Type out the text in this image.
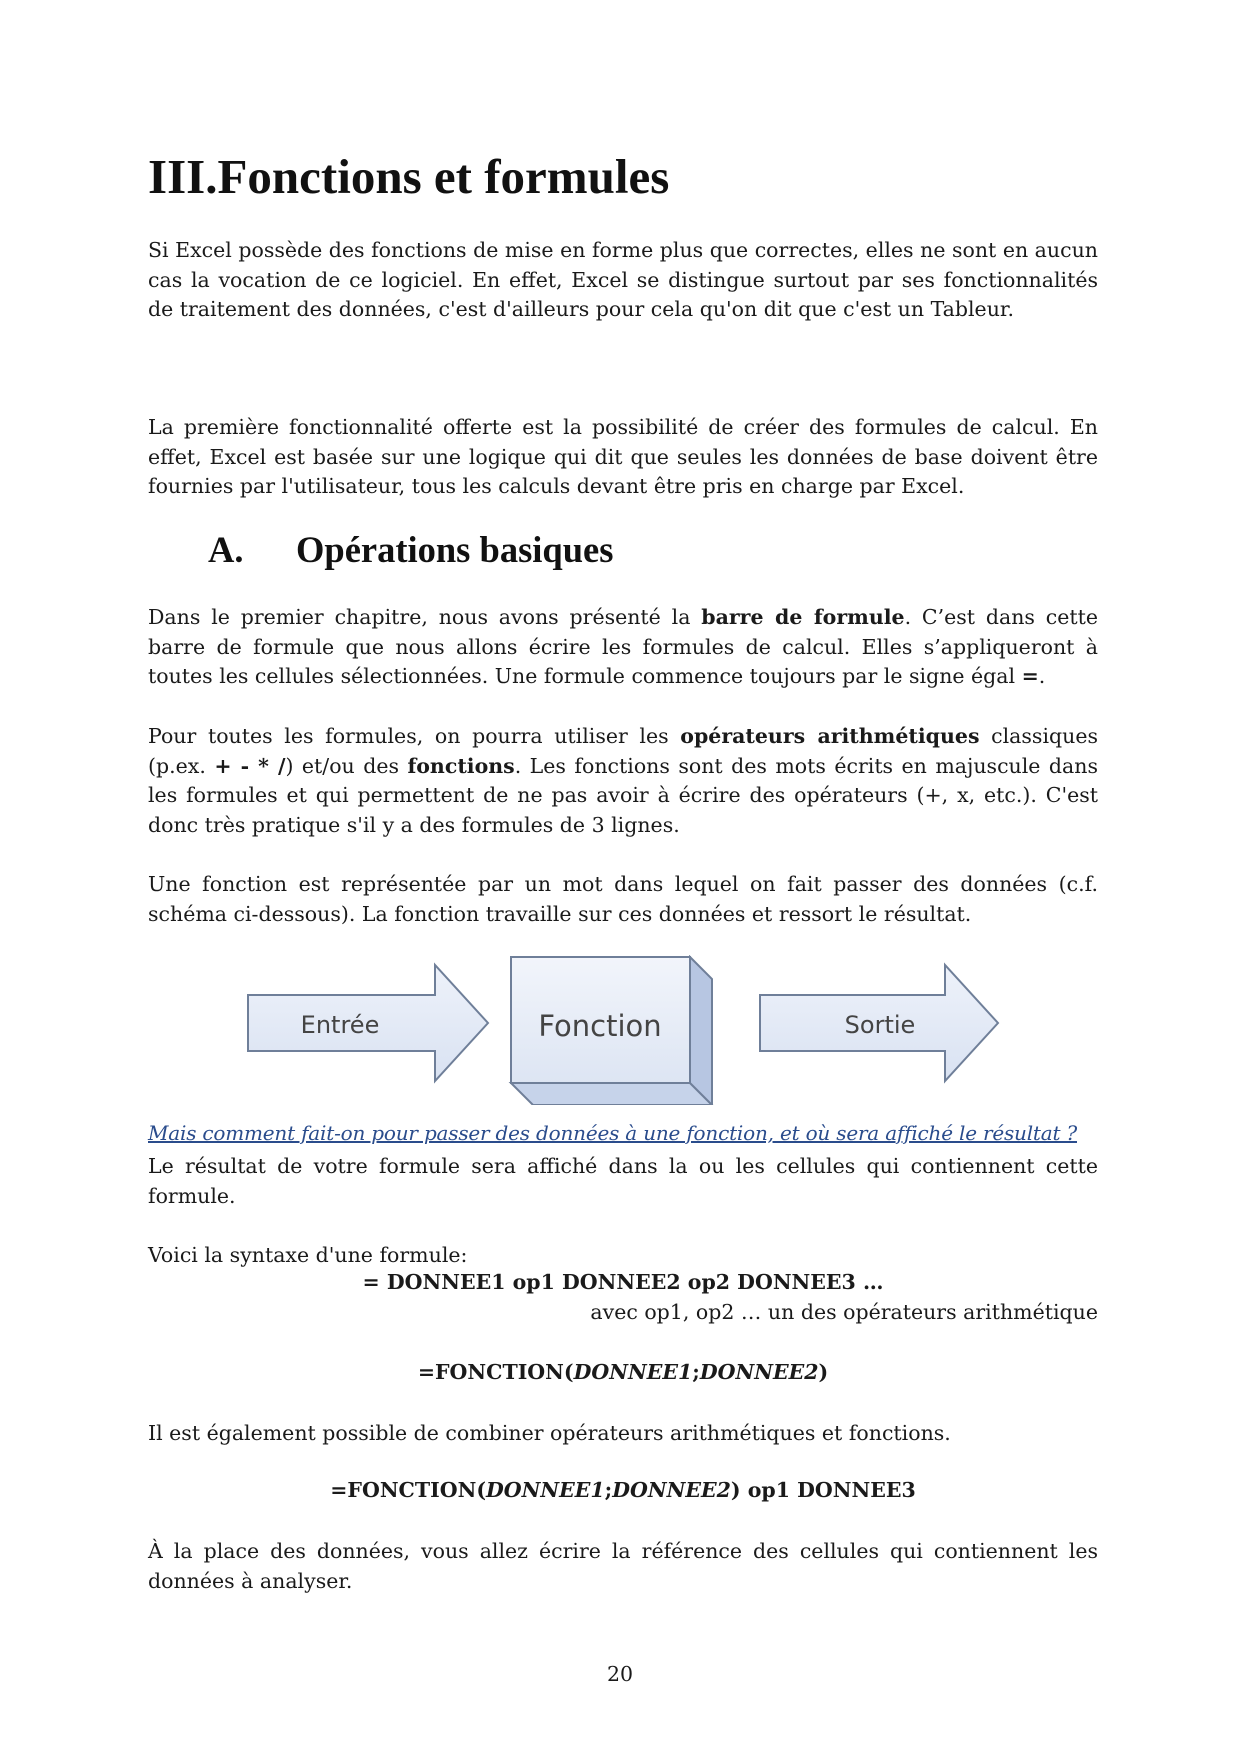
III.Fonctions et formules

Si Excel possède des fonctions de mise en forme plus que correctes, elles ne sont en aucun cas la vocation de ce logiciel. En effet, Excel se distingue surtout par ses fonctionnalités de traitement des données, c'est d'ailleurs pour cela qu'on dit que c'est un Tableur.

La première fonctionnalité offerte est la possibilité de créer des formules de calcul. En effet, Excel est basée sur une logique qui dit que seules les données de base doivent être fournies par l'utilisateur, tous les calculs devant être pris en charge par Excel.

A. Opérations basiques

Dans le premier chapitre, nous avons présenté la barre de formule. C’est dans cette barre de formule que nous allons écrire les formules de calcul. Elles s’appliqueront à toutes les cellules sélectionnées. Une formule commence toujours par le signe égal =.

Pour toutes les formules, on pourra utiliser les opérateurs arithmétiques classiques (p.ex. + - * /) et/ou des fonctions. Les fonctions sont des mots écrits en majuscule dans les formules et qui permettent de ne pas avoir à écrire des opérateurs (+, x, etc.). C'est donc très pratique s'il y a des formules de 3 lignes.

Une fonction est représentée par un mot dans lequel on fait passer des données (c.f. schéma ci-dessous). La fonction travaille sur ces données et ressort le résultat.

Entrée	Fonction	Sortie

Mais comment fait-on pour passer des données à une fonction, et où sera affiché le résultat ?

Le résultat de votre formule sera affiché dans la ou les cellules qui contiennent cette formule.

Voici la syntaxe d'une formule:

= DONNEE1 op1 DONNEE2 op2 DONNEE3 …

avec op1, op2 … un des opérateurs arithmétique

=FONCTION(DONNEE1;DONNEE2)

Il est également possible de combiner opérateurs arithmétiques et fonctions.

=FONCTION(DONNEE1;DONNEE2) op1 DONNEE3

À la place des données, vous allez écrire la référence des cellules qui contiennent les données à analyser.

20
